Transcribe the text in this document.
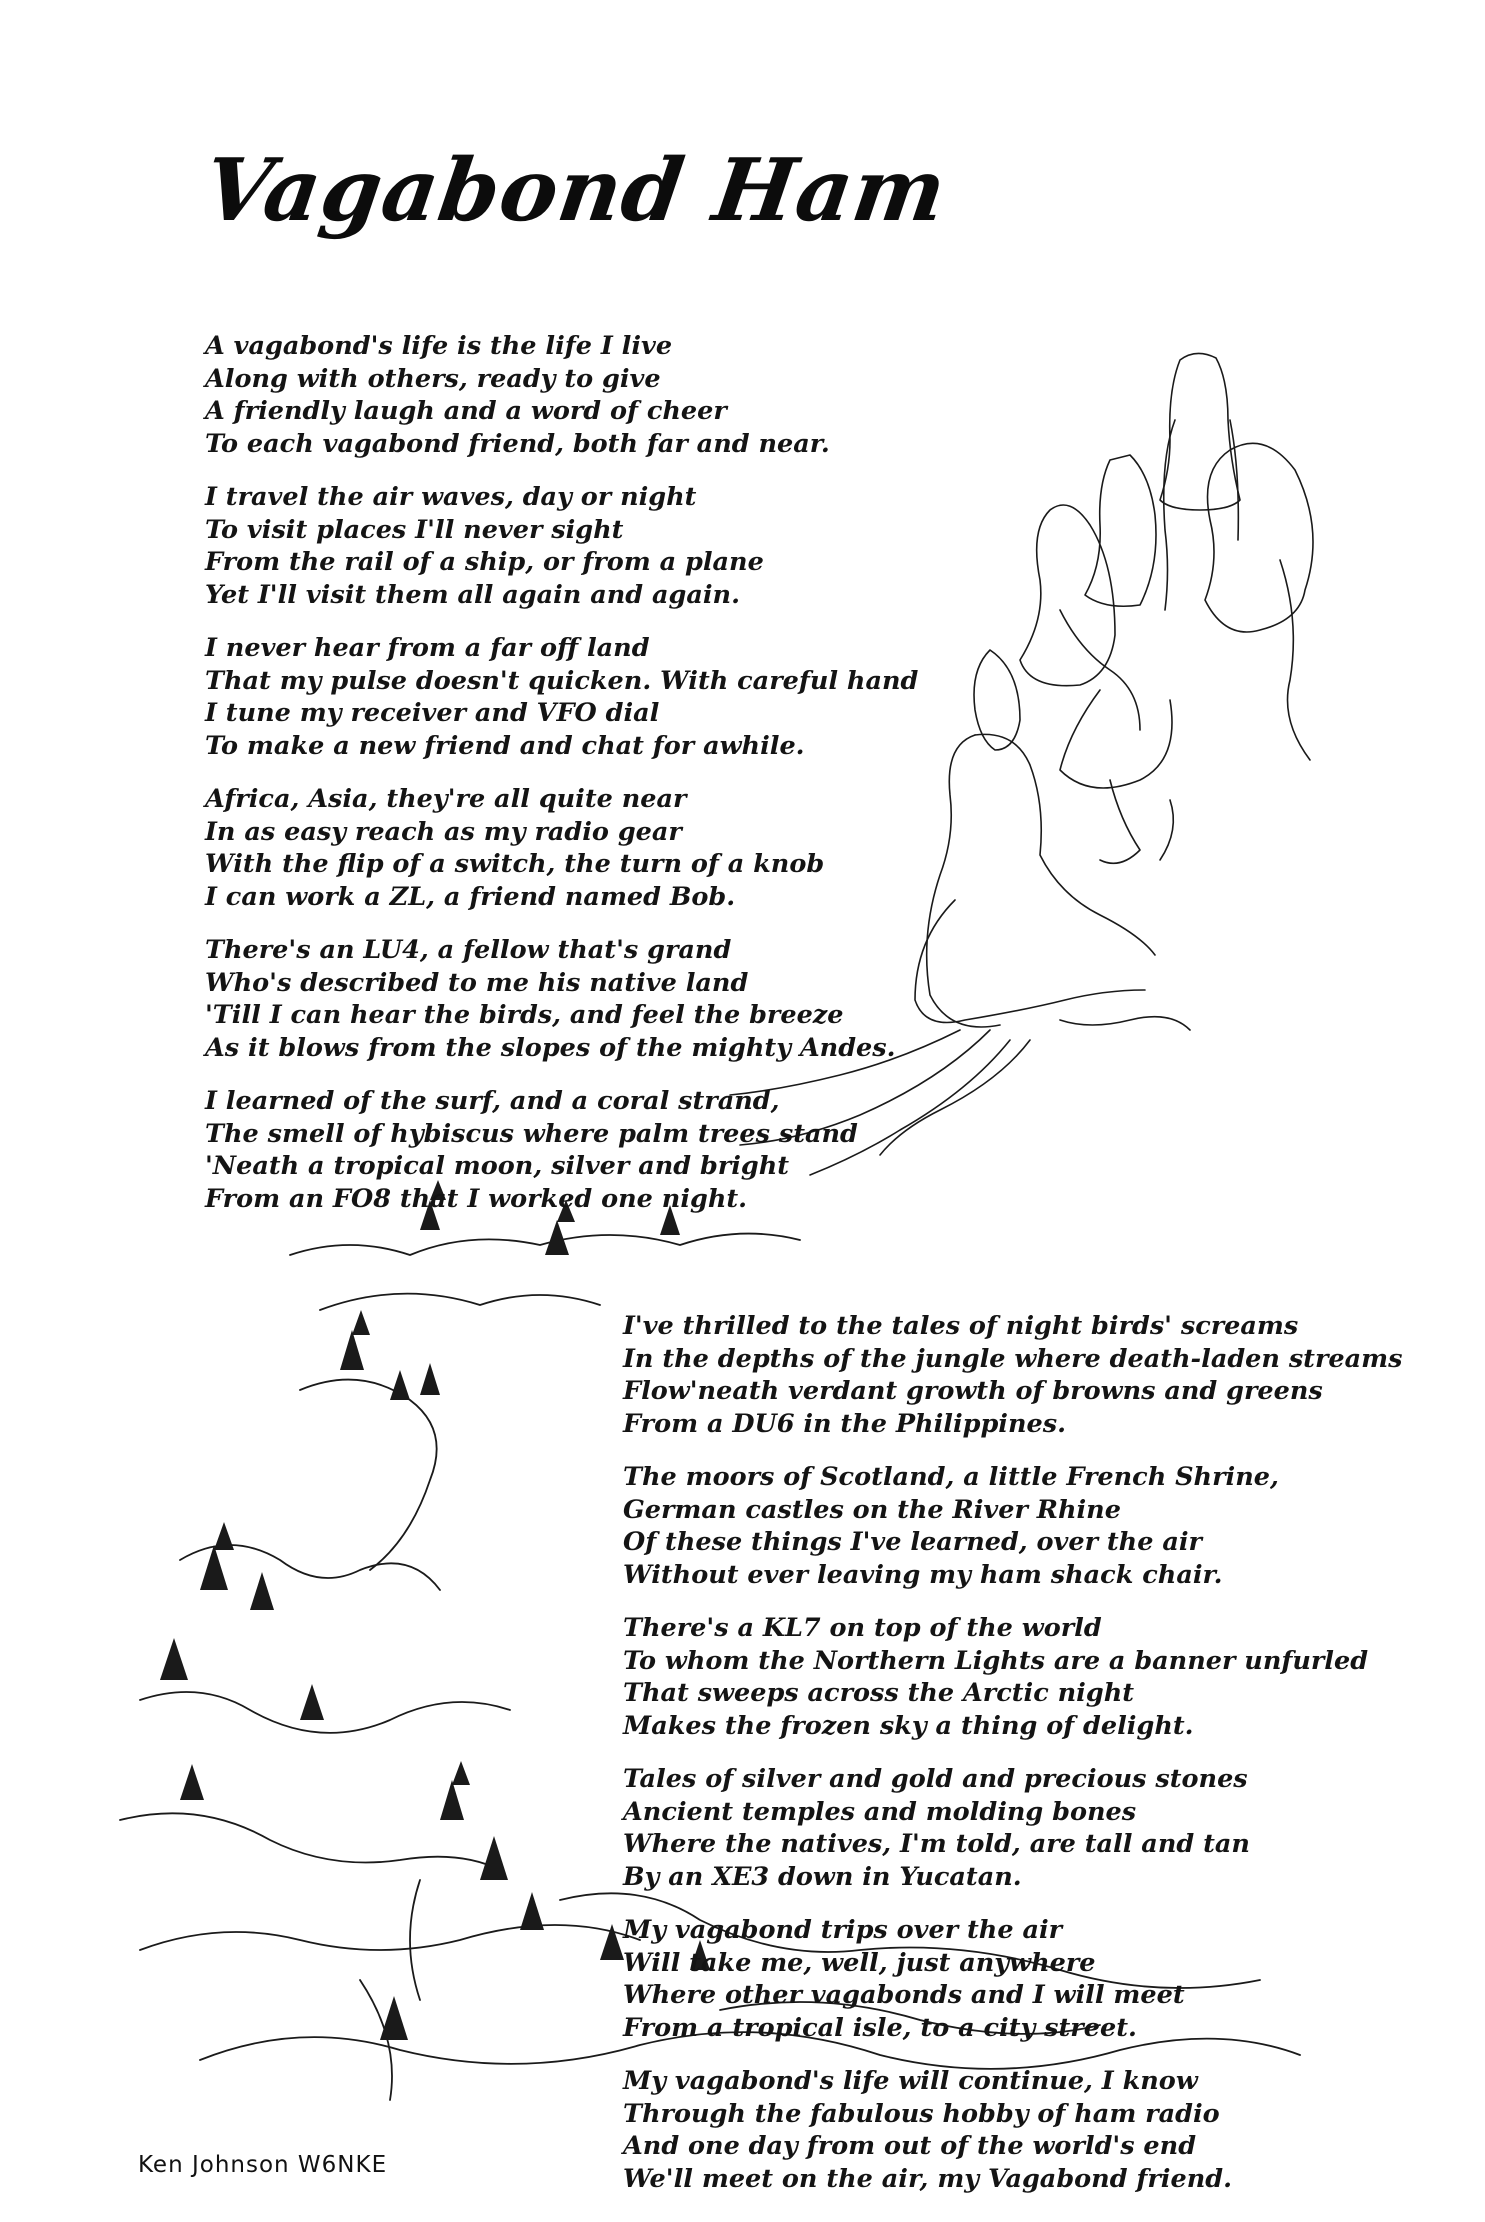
Vagabond Ham
A vagabond's life is the life I live
Along with others, ready to give
A friendly laugh and a word of cheer
To each vagabond friend, both far and near.
I travel the air waves, day or night
To visit places I'll never sight
From the rail of a ship, or from a plane
Yet I'll visit them all again and again.
I never hear from a far off land
That my pulse doesn't quicken. With careful hand
I tune my receiver and VFO dial
To make a new friend and chat for awhile.
Africa, Asia, they're all quite near
In as easy reach as my radio gear
With the flip of a switch, the turn of a knob
I can work a ZL, a friend named Bob.
There's an LU4, a fellow that's grand
Who's described to me his native land
'Till I can hear the birds, and feel the breeze
As it blows from the slopes of the mighty Andes.
I learned of the surf, and a coral strand,
The smell of hybiscus where palm trees stand
'Neath a tropical moon, silver and bright
From an FO8 that I worked one night.
I've thrilled to the tales of night birds' screams
In the depths of the jungle where death-laden streams
Flow'neath verdant growth of browns and greens
From a DU6 in the Philippines.
The moors of Scotland, a little French Shrine,
German castles on the River Rhine
Of these things I've learned, over the air
Without ever leaving my ham shack chair.
There's a KL7 on top of the world
To whom the Northern Lights are a banner unfurled
That sweeps across the Arctic night
Makes the frozen sky a thing of delight.
Tales of silver and gold and precious stones
Ancient temples and molding bones
Where the natives, I'm told, are tall and tan
By an XE3 down in Yucatan.
My vagabond trips over the air
Will take me, well, just anywhere
Where other vagabonds and I will meet
From a tropical isle, to a city street.
My vagabond's life will continue, I know
Through the fabulous hobby of ham radio
And one day from out of the world's end
We'll meet on the air, my Vagabond friend.
Ken Johnson W6NKE
